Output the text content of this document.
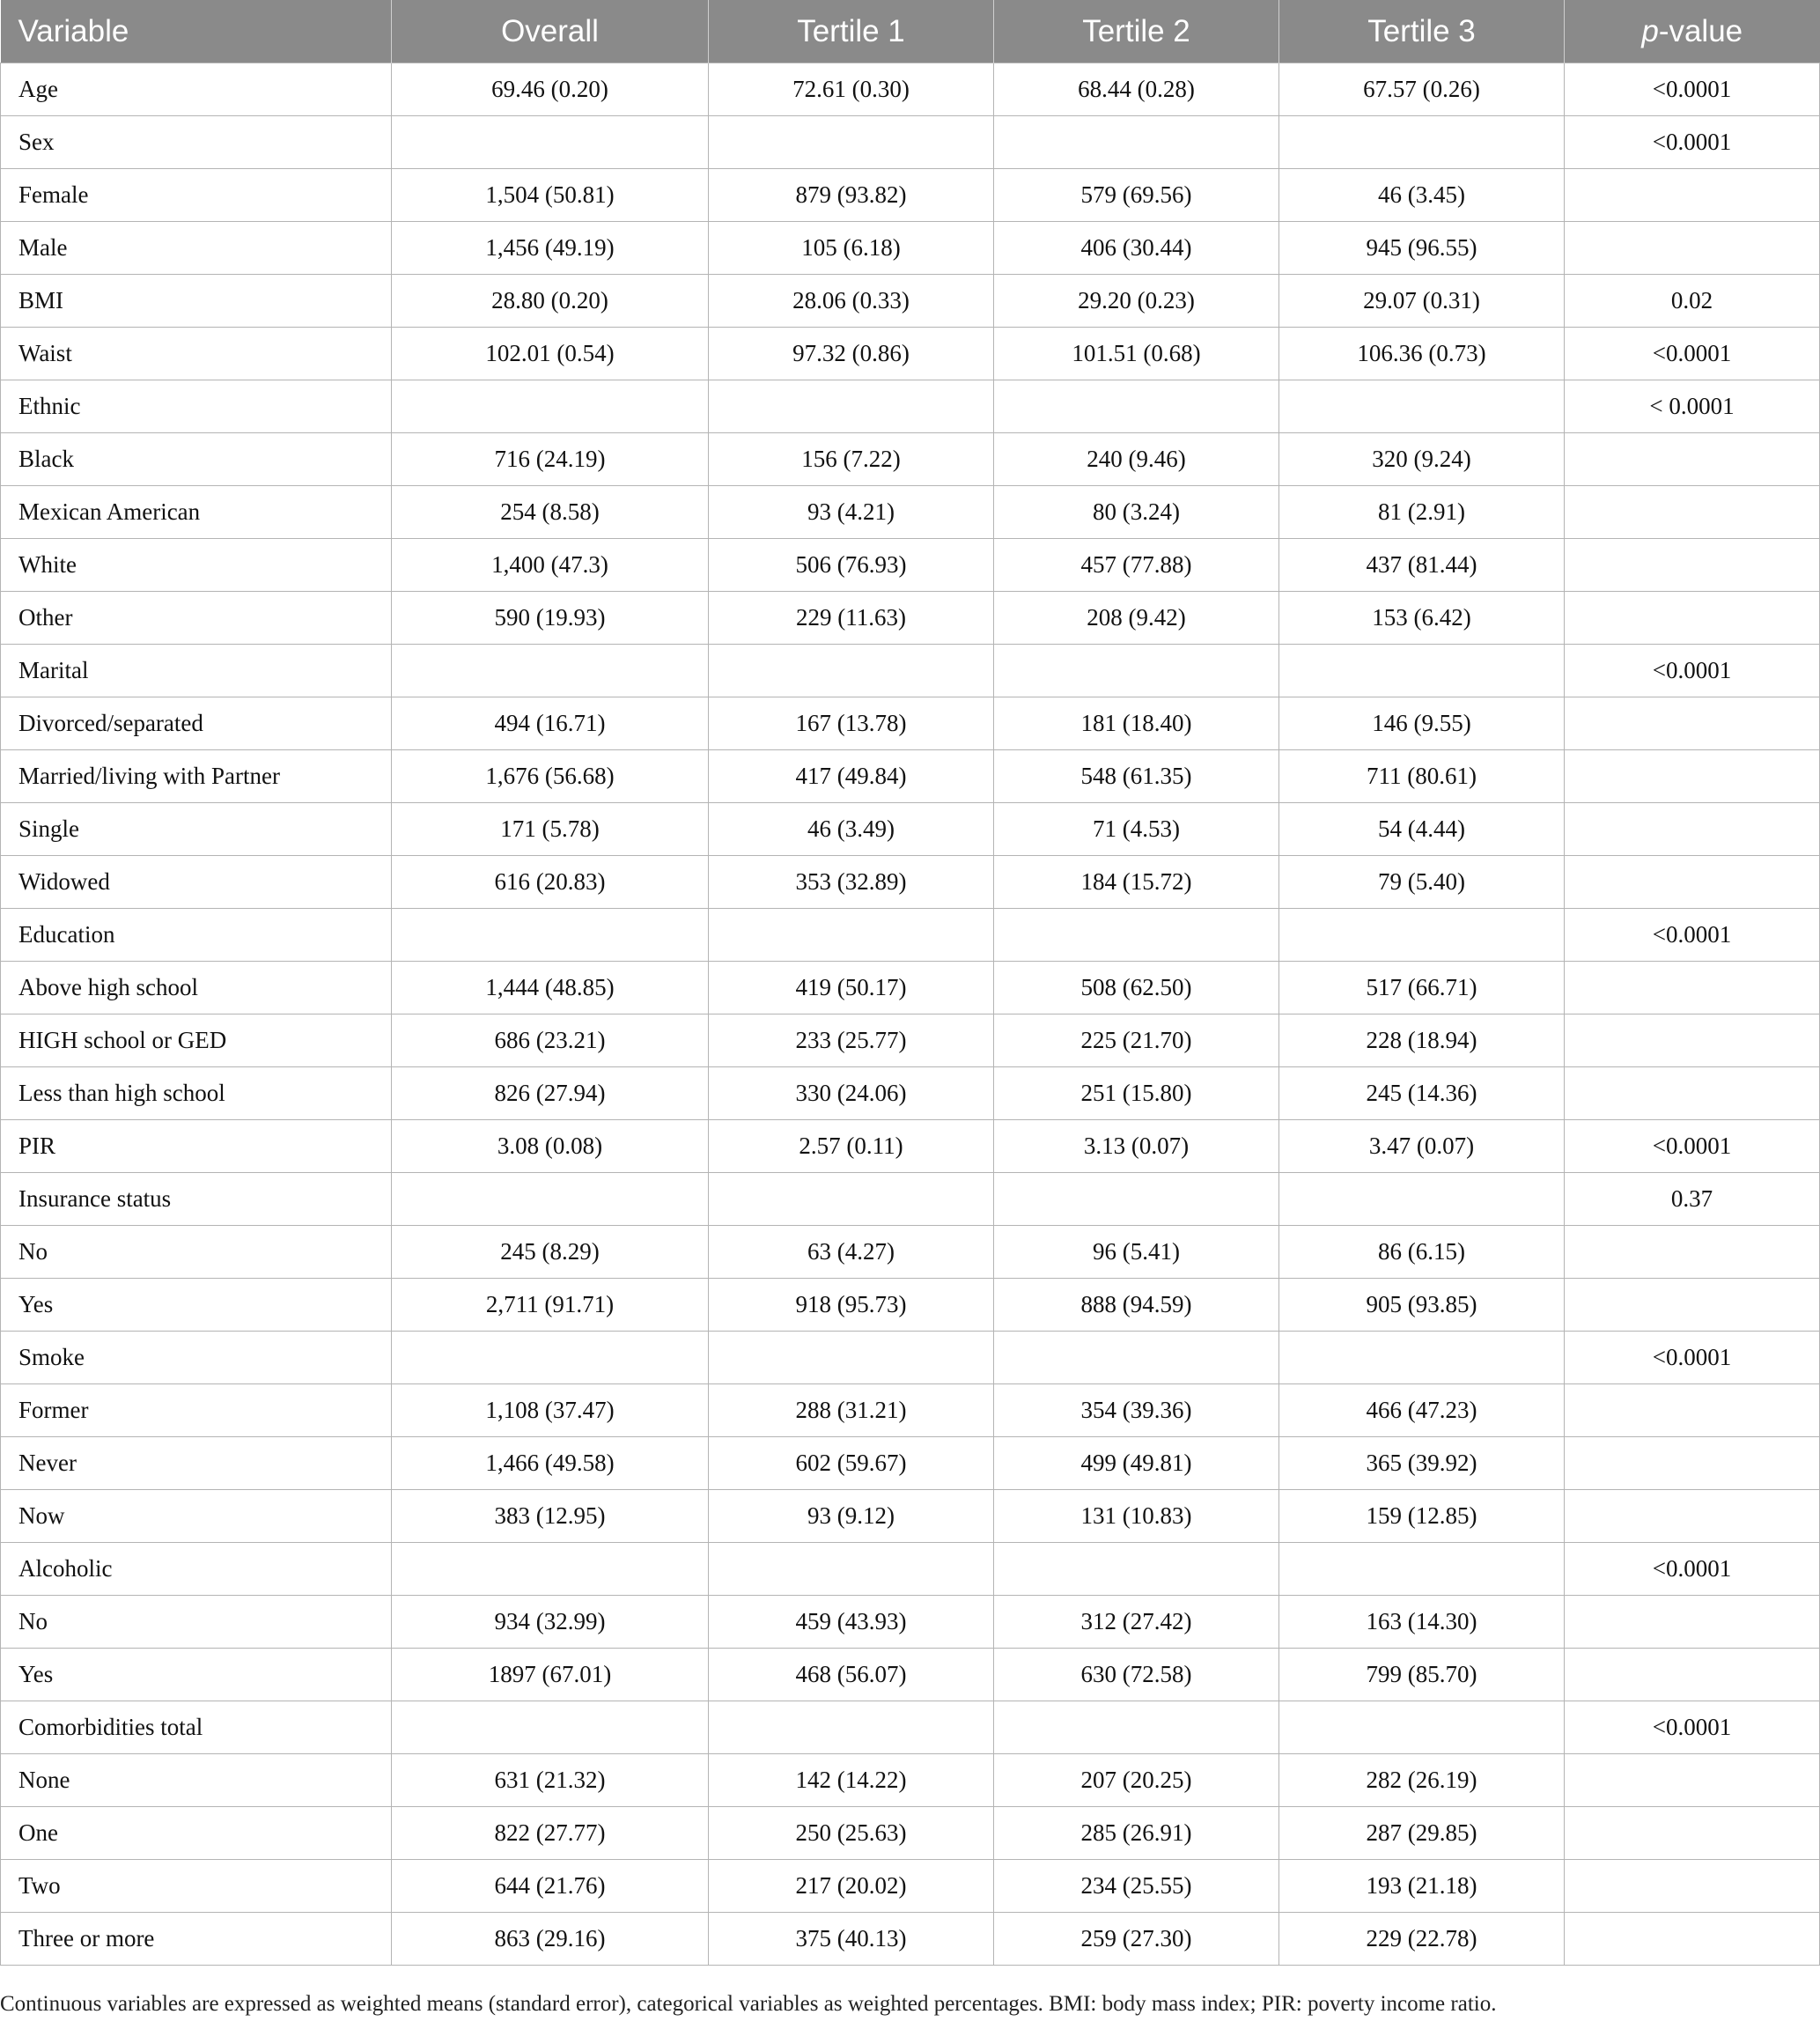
Variable	Overall	Tertile 1	Tertile 2	Tertile 3	p-value
Age	69.46 (0.20)	72.61 (0.30)	68.44 (0.28)	67.57 (0.26)	<0.0001
Sex					<0.0001
Female	1,504 (50.81)	879 (93.82)	579 (69.56)	46 (3.45)	
Male	1,456 (49.19)	105 (6.18)	406 (30.44)	945 (96.55)	
BMI	28.80 (0.20)	28.06 (0.33)	29.20 (0.23)	29.07 (0.31)	0.02
Waist	102.01 (0.54)	97.32 (0.86)	101.51 (0.68)	106.36 (0.73)	<0.0001
Ethnic					< 0.0001
Black	716 (24.19)	156 (7.22)	240 (9.46)	320 (9.24)	
Mexican American	254 (8.58)	93 (4.21)	80 (3.24)	81 (2.91)	
White	1,400 (47.3)	506 (76.93)	457 (77.88)	437 (81.44)	
Other	590 (19.93)	229 (11.63)	208 (9.42)	153 (6.42)	
Marital					<0.0001
Divorced/separated	494 (16.71)	167 (13.78)	181 (18.40)	146 (9.55)	
Married/living with Partner	1,676 (56.68)	417 (49.84)	548 (61.35)	711 (80.61)	
Single	171 (5.78)	46 (3.49)	71 (4.53)	54 (4.44)	
Widowed	616 (20.83)	353 (32.89)	184 (15.72)	79 (5.40)	
Education					<0.0001
Above high school	1,444 (48.85)	419 (50.17)	508 (62.50)	517 (66.71)	
HIGH school or GED	686 (23.21)	233 (25.77)	225 (21.70)	228 (18.94)	
Less than high school	826 (27.94)	330 (24.06)	251 (15.80)	245 (14.36)	
PIR	3.08 (0.08)	2.57 (0.11)	3.13 (0.07)	3.47 (0.07)	<0.0001
Insurance status					0.37
No	245 (8.29)	63 (4.27)	96 (5.41)	86 (6.15)	
Yes	2,711 (91.71)	918 (95.73)	888 (94.59)	905 (93.85)	
Smoke					<0.0001
Former	1,108 (37.47)	288 (31.21)	354 (39.36)	466 (47.23)	
Never	1,466 (49.58)	602 (59.67)	499 (49.81)	365 (39.92)	
Now	383 (12.95)	93 (9.12)	131 (10.83)	159 (12.85)	
Alcoholic					<0.0001
No	934 (32.99)	459 (43.93)	312 (27.42)	163 (14.30)	
Yes	1897 (67.01)	468 (56.07)	630 (72.58)	799 (85.70)	
Comorbidities total					<0.0001
None	631 (21.32)	142 (14.22)	207 (20.25)	282 (26.19)	
One	822 (27.77)	250 (25.63)	285 (26.91)	287 (29.85)	
Two	644 (21.76)	217 (20.02)	234 (25.55)	193 (21.18)	
Three or more	863 (29.16)	375 (40.13)	259 (27.30)	229 (22.78)	
Continuous variables are expressed as weighted means (standard error), categorical variables as weighted percentages. BMI: body mass index; PIR: poverty income ratio.
